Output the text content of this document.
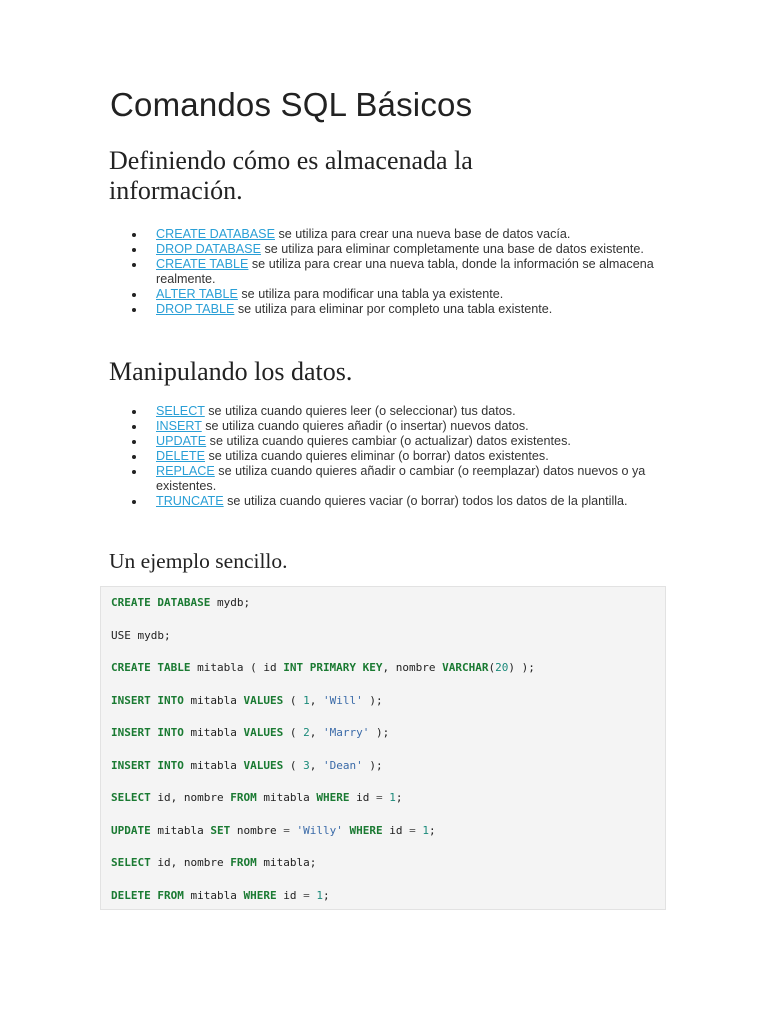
Comandos SQL Básicos
Definiendo cómo es almacenada la
información.
CREATE DATABASE se utiliza para crear una nueva base de datos vacía.
DROP DATABASE se utiliza para eliminar completamente una base de datos existente.
CREATE TABLE se utiliza para crear una nueva tabla, donde la información se almacena realmente.
ALTER TABLE se utiliza para modificar una tabla ya existente.
DROP TABLE se utiliza para eliminar por completo una tabla existente.
Manipulando los datos.
SELECT se utiliza cuando quieres leer (o seleccionar) tus datos.
INSERT se utiliza cuando quieres añadir (o insertar) nuevos datos.
UPDATE se utiliza cuando quieres cambiar (o actualizar) datos existentes.
DELETE se utiliza cuando quieres eliminar (o borrar) datos existentes.
REPLACE se utiliza cuando quieres añadir o cambiar (o reemplazar) datos nuevos o ya existentes.
TRUNCATE se utiliza cuando quieres vaciar (o borrar) todos los datos de la plantilla.
Un ejemplo sencillo.
CREATE DATABASE mydb;
USE mydb;
CREATE TABLE mitabla ( id INT PRIMARY KEY, nombre VARCHAR(20) );
INSERT INTO mitabla VALUES ( 1, 'Will' );
INSERT INTO mitabla VALUES ( 2, 'Marry' );
INSERT INTO mitabla VALUES ( 3, 'Dean' );
SELECT id, nombre FROM mitabla WHERE id = 1;
UPDATE mitabla SET nombre = 'Willy' WHERE id = 1;
SELECT id, nombre FROM mitabla;
DELETE FROM mitabla WHERE id = 1;
